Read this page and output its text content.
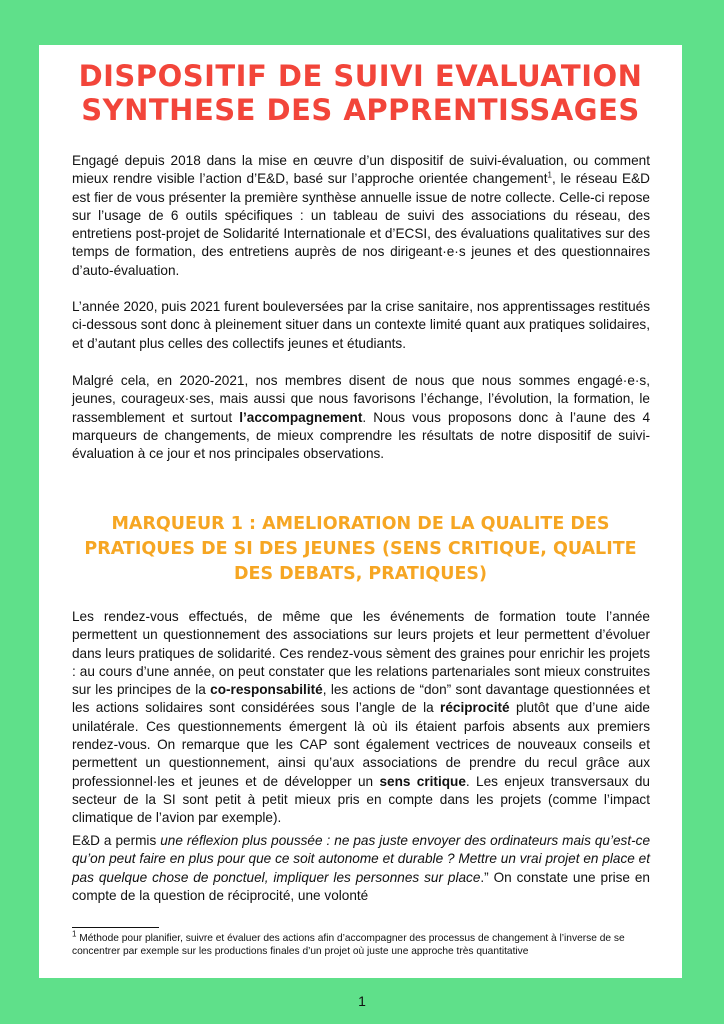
DISPOSITIF DE SUIVI EVALUATION
SYNTHESE DES APPRENTISSAGES

Engagé depuis 2018 dans la mise en œuvre d’un dispositif de suivi-évaluation, ou comment mieux rendre visible l’action d’E&D, basé sur l’approche orientée changement$^1$, le réseau E&D est fier de vous présenter la première synthèse annuelle issue de notre collecte. Celle-ci repose sur l’usage de 6 outils spécifiques : un tableau de suivi des associations du réseau, des entretiens post-projet de Solidarité Internationale et d’ECSI, des évaluations qualitatives sur des temps de formation, des entretiens auprès de nos dirigeant·e·s jeunes et des questionnaires d’auto-évaluation.

L’année 2020, puis 2021 furent bouleversées par la crise sanitaire, nos apprentissages restitués ci-dessous sont donc à pleinement situer dans un contexte limité quant aux pratiques solidaires, et d’autant plus celles des collectifs jeunes et étudiants.

Malgré cela, en 2020-2021, nos membres disent de nous que nous sommes engagé·e·s, jeunes, courageux·ses, mais aussi que nous favorisons l’échange, l’évolution, la formation, le rassemblement et surtout l’accompagnement. Nous vous proposons donc à l’aune des 4 marqueurs de changements, de mieux comprendre les résultats de notre dispositif de suivi-évaluation à ce jour et nos principales observations.

MARQUEUR 1 : AMELIORATION DE LA QUALITE DES
PRATIQUES DE SI DES JEUNES (SENS CRITIQUE, QUALITE
DES DEBATS, PRATIQUES)

Les rendez-vous effectués, de même que les événements de formation toute l’année permettent un questionnement des associations sur leurs projets et leur permettent d’évoluer dans leurs pratiques de solidarité. Ces rendez-vous sèment des graines pour enrichir les projets : au cours d’une année, on peut constater que les relations partenariales sont mieux construites sur les principes de la co-responsabilité, les actions de “don” sont davantage questionnées et les actions solidaires sont considérées sous l’angle de la réciprocité plutôt que d’une aide unilatérale. Ces questionnements émergent là où ils étaient parfois absents aux premiers rendez-vous. On remarque que les CAP sont également vectrices de nouveaux conseils et permettent un questionnement, ainsi qu’aux associations de prendre du recul grâce aux professionnel·les et jeunes et de développer un sens critique. Les enjeux transversaux du secteur de la SI sont petit à petit mieux pris en compte dans les projets (comme l’impact climatique de l’avion par exemple).

E&D a permis une réflexion plus poussée : ne pas juste envoyer des ordinateurs mais qu’est-ce qu’on peut faire en plus pour que ce soit autonome et durable ? Mettre un vrai projet en place et pas quelque chose de ponctuel, impliquer les personnes sur place.” On constate une prise en compte de la question de réciprocité, une volonté

$^1$ Méthode pour planifier, suivre et évaluer des actions afin d’accompagner des processus de changement à l’inverse de se concentrer par exemple sur les productions finales d’un projet où juste une approche très quantitative

1
